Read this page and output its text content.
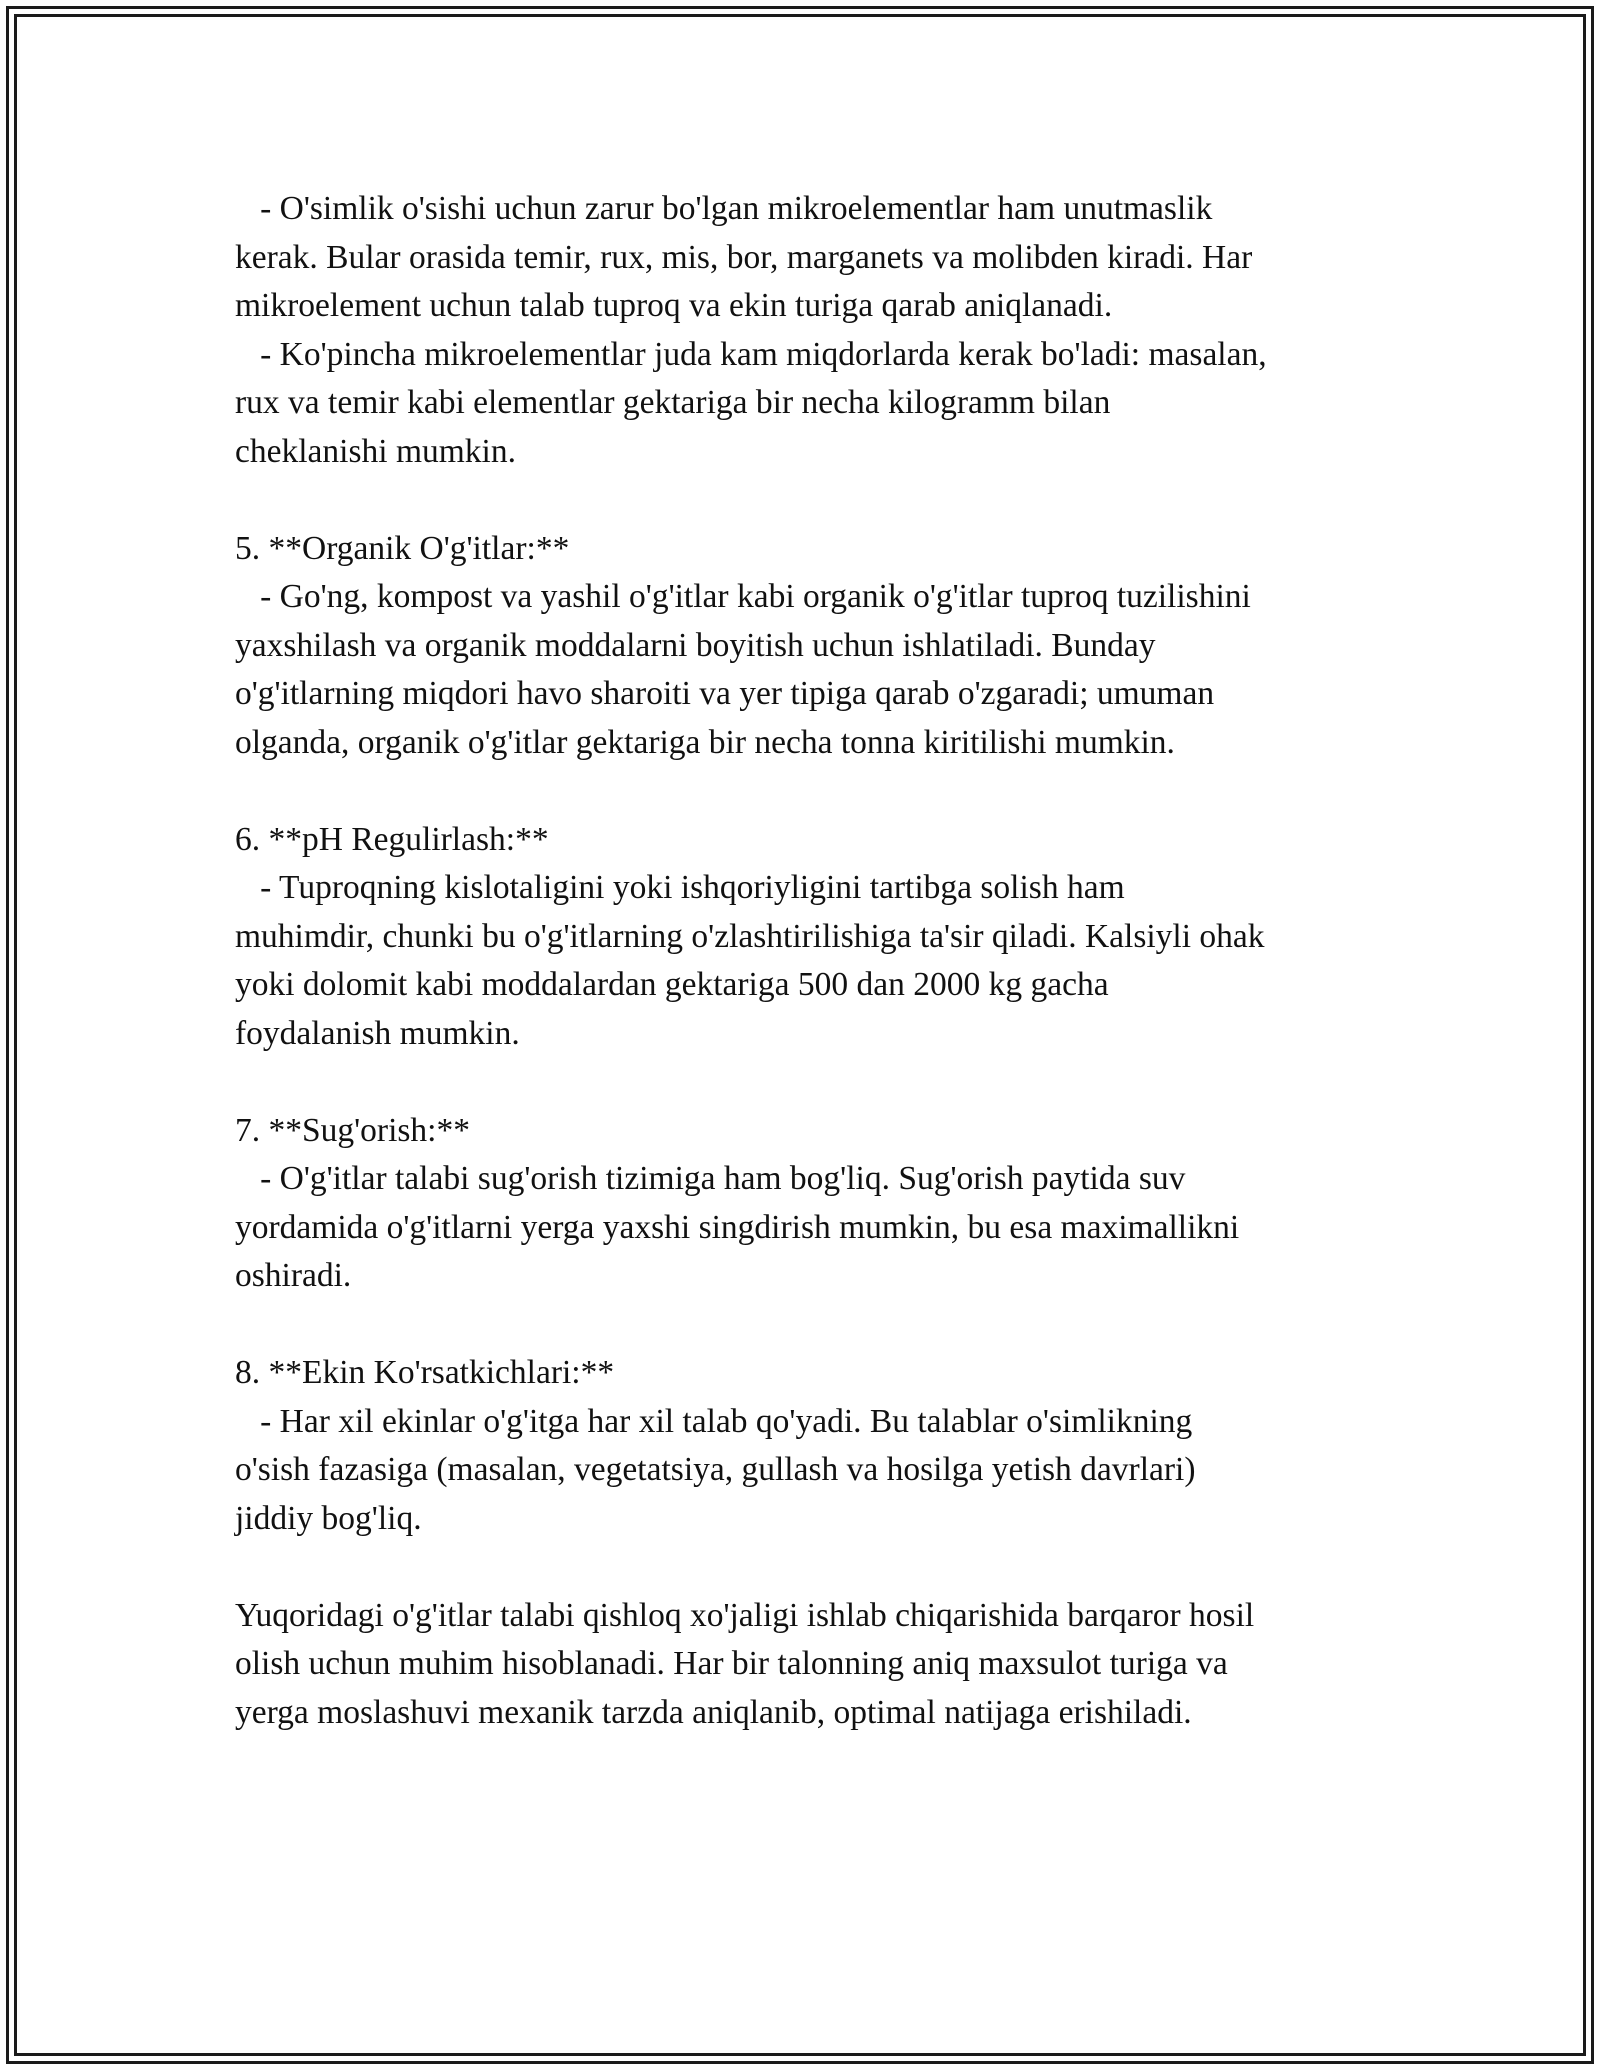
- O'simlik o'sishi uchun zarur bo'lgan mikroelementlar ham unutmaslik
kerak. Bular orasida temir, rux, mis, bor, marganets va molibden kiradi. Har
mikroelement uchun talab tuproq va ekin turiga qarab aniqlanadi.
- Ko'pincha mikroelementlar juda kam miqdorlarda kerak bo'ladi: masalan,
rux va temir kabi elementlar gektariga bir necha kilogramm bilan
cheklanishi mumkin.
5. **Organik O'g'itlar:**
- Go'ng, kompost va yashil o'g'itlar kabi organik o'g'itlar tuproq tuzilishini
yaxshilash va organik moddalarni boyitish uchun ishlatiladi. Bunday
o'g'itlarning miqdori havo sharoiti va yer tipiga qarab o'zgaradi; umuman
olganda, organik o'g'itlar gektariga bir necha tonna kiritilishi mumkin.
6. **pH Regulirlash:**
- Tuproqning kislotaligini yoki ishqoriyligini tartibga solish ham
muhimdir, chunki bu o'g'itlarning o'zlashtirilishiga ta'sir qiladi. Kalsiyli ohak
yoki dolomit kabi moddalardan gektariga 500 dan 2000 kg gacha
foydalanish mumkin.
7. **Sug'orish:**
- O'g'itlar talabi sug'orish tizimiga ham bog'liq. Sug'orish paytida suv
yordamida o'g'itlarni yerga yaxshi singdirish mumkin, bu esa maximallikni
oshiradi.
8. **Ekin Ko'rsatkichlari:**
- Har xil ekinlar o'g'itga har xil talab qo'yadi. Bu talablar o'simlikning
o'sish fazasiga (masalan, vegetatsiya, gullash va hosilga yetish davrlari)
jiddiy bog'liq.
Yuqoridagi o'g'itlar talabi qishloq xo'jaligi ishlab chiqarishida barqaror hosil
olish uchun muhim hisoblanadi. Har bir talonning aniq maxsulot turiga va
yerga moslashuvi mexanik tarzda aniqlanib, optimal natijaga erishiladi.
